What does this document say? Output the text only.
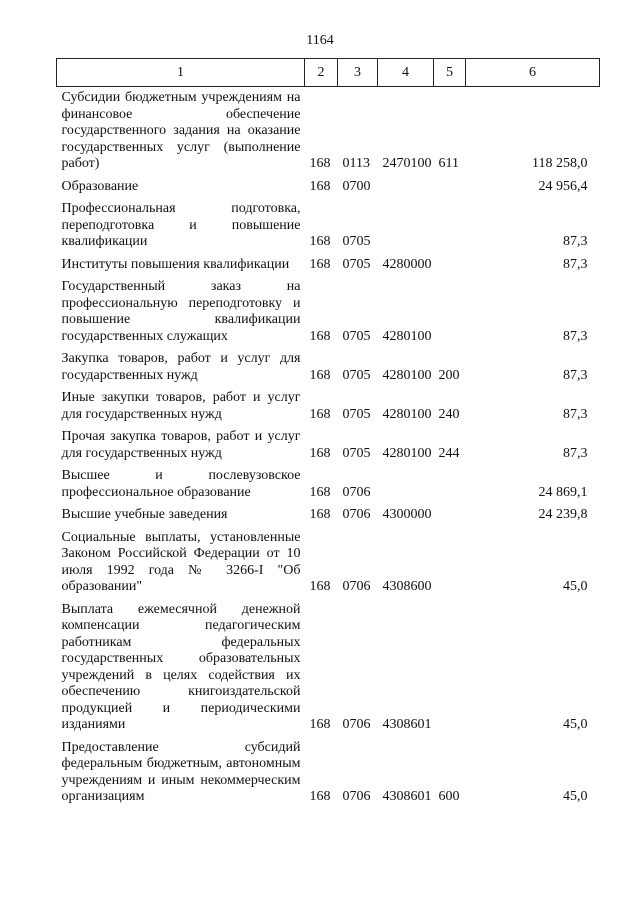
1164
1	2	3	4	5	6
Субсидии бюджетным учреждениям на финансовое обеспечение государственного задания на оказание государственных услуг (выполнение работ)	168	0113	2470100	611	118 258,0
Образование	168	0700			24 956,4
Профессиональная подготовка, переподготовка и повышение квалификации	168	0705			87,3
Институты повышения квалификации	168	0705	4280000		87,3
Государственный заказ на профессиональную переподготовку и повышение квалификации государственных служащих	168	0705	4280100		87,3
Закупка товаров, работ и услуг для государственных нужд	168	0705	4280100	200	87,3
Иные закупки товаров, работ и услуг для государственных нужд	168	0705	4280100	240	87,3
Прочая закупка товаров, работ и услуг для государственных нужд	168	0705	4280100	244	87,3
Высшее и послевузовское профессиональное образование	168	0706			24 869,1
Высшие учебные заведения	168	0706	4300000		24 239,8
Социальные выплаты, установленные Законом Российской Федерации от 10 июля 1992 года № 3266-I "Об образовании"	168	0706	4308600		45,0
Выплата ежемесячной денежной компенсации педагогическим работникам федеральных государственных образовательных учреждений в целях содействия их обеспечению книгоиздательской продукцией и периодическими изданиями	168	0706	4308601		45,0
Предоставление субсидий федеральным бюджетным, автономным учреждениям и иным некоммерческим организациям	168	0706	4308601	600	45,0
